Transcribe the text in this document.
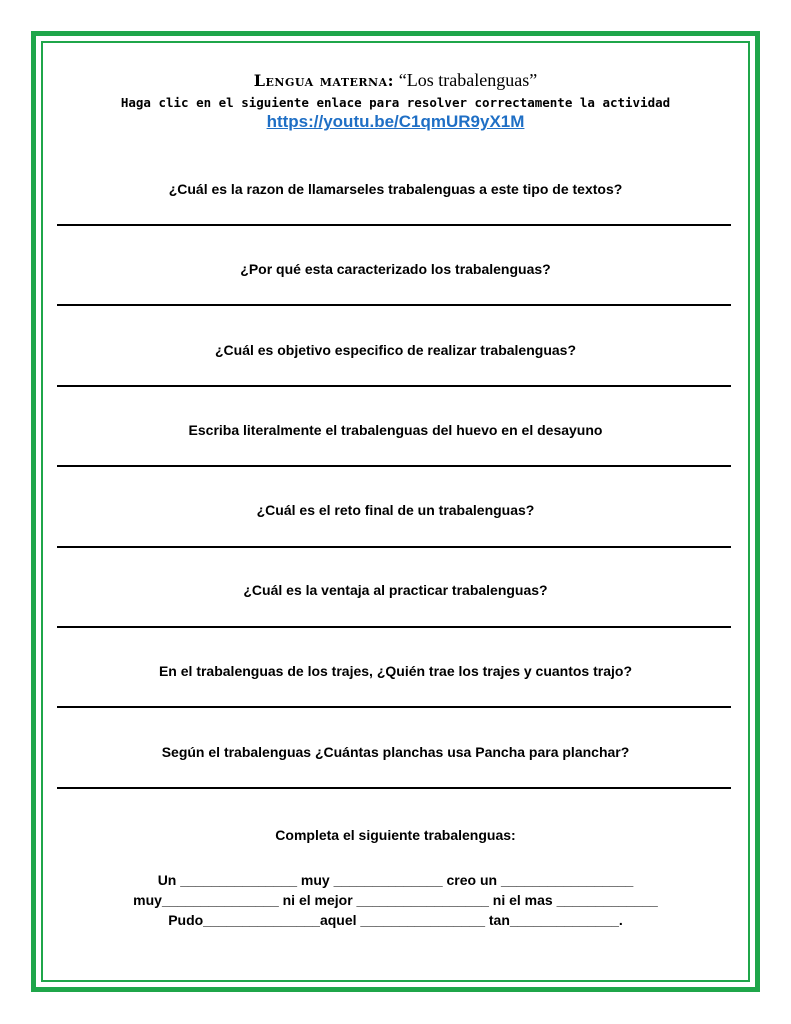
Lengua materna: “Los trabalenguas”
Haga clic en el siguiente enlace para resolver correctamente la actividad
https://youtu.be/C1qmUR9yX1M
¿Cuál es la razon de llamarseles trabalenguas a este tipo de textos?
¿Por qué esta caracterizado los trabalenguas?
¿Cuál es objetivo especifico de realizar trabalenguas?
Escriba literalmente el trabalenguas del huevo en el desayuno
¿Cuál es el reto final de un trabalenguas?
¿Cuál es la ventaja al practicar trabalenguas?
En el trabalenguas de los trajes, ¿Quién trae los trajes y cuantos trajo?
Según el trabalenguas ¿Cuántas planchas usa Pancha para planchar?
Completa el siguiente trabalenguas:
Un _______________ muy ______________ creo un _________________
muy_______________ ni el mejor _________________ ni el mas _____________
Pudo_______________aquel ________________ tan______________.
